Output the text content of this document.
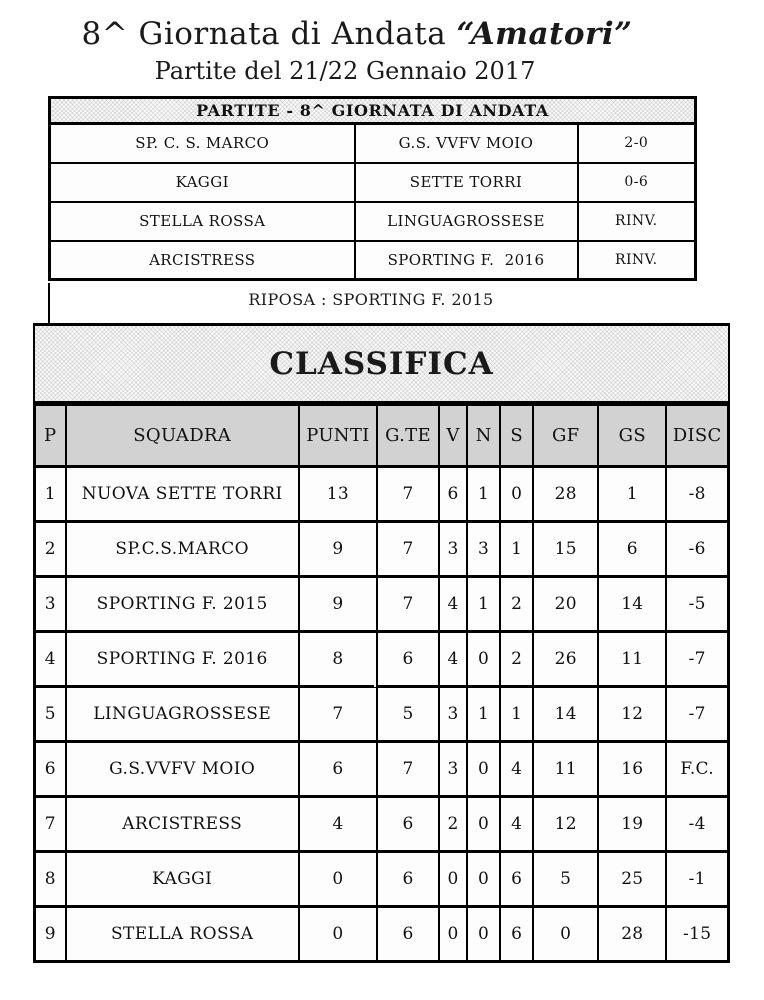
8^ Giornata di Andata “Amatori”
Partite del 21/22 Gennaio 2017
PARTITE - 8^ GIORNATA DI ANDATA		
SP. C. S. MARCO	G.S. VVFV MOIO	2-0
KAGGI	SETTE TORRI	0-6
STELLA ROSSA	LINGUAGROSSESE	RINV.
ARCISTRESS	SPORTING F.  2016	RINV.
RIPOSA : SPORTING F. 2015
CLASSIFICA
P	SQUADRA	PUNTI	G.TE	V	N	S	GF	GS	DISC
1	NUOVA SETTE TORRI	13	7	6	1	0	28	1	-8
2	SP.C.S.MARCO	9	7	3	3	1	15	6	-6
3	SPORTING F. 2015	9	7	4	1	2	20	14	-5
4	SPORTING F. 2016	8	6	4	0	2	26	11	-7
5	LINGUAGROSSESE	7	5	3	1	1	14	12	-7
6	G.S.VVFV MOIO	6	7	3	0	4	11	16	F.C.
7	ARCISTRESS	4	6	2	0	4	12	19	-4
8	KAGGI	0	6	0	0	6	5	25	-1
9	STELLA ROSSA	0	6	0	0	6	0	28	-15
